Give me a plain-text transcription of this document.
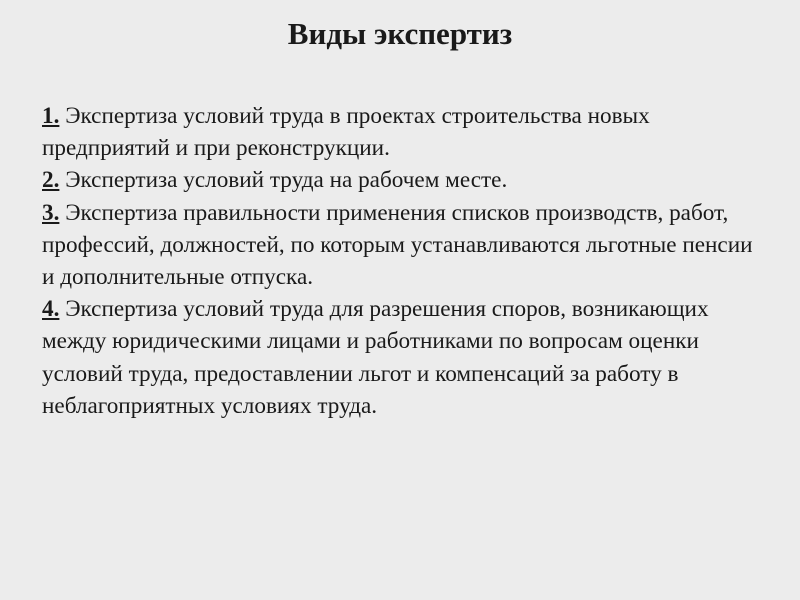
Виды экспертиз

1. Экспертиза условий труда в проектах строительства новых предприятий и при реконструкции.

2. Экспертиза условий труда на рабочем месте.

3. Экспертиза правильности применения списков производств, работ, профессий, должностей, по которым устанавливаются льготные пенсии и дополнительные отпуска.

4. Экспертиза условий труда для разрешения споров, возникающих между юридическими лицами и работниками по вопросам оценки условий труда, предоставлении льгот и компенсаций за работу в неблагоприятных условиях труда.
